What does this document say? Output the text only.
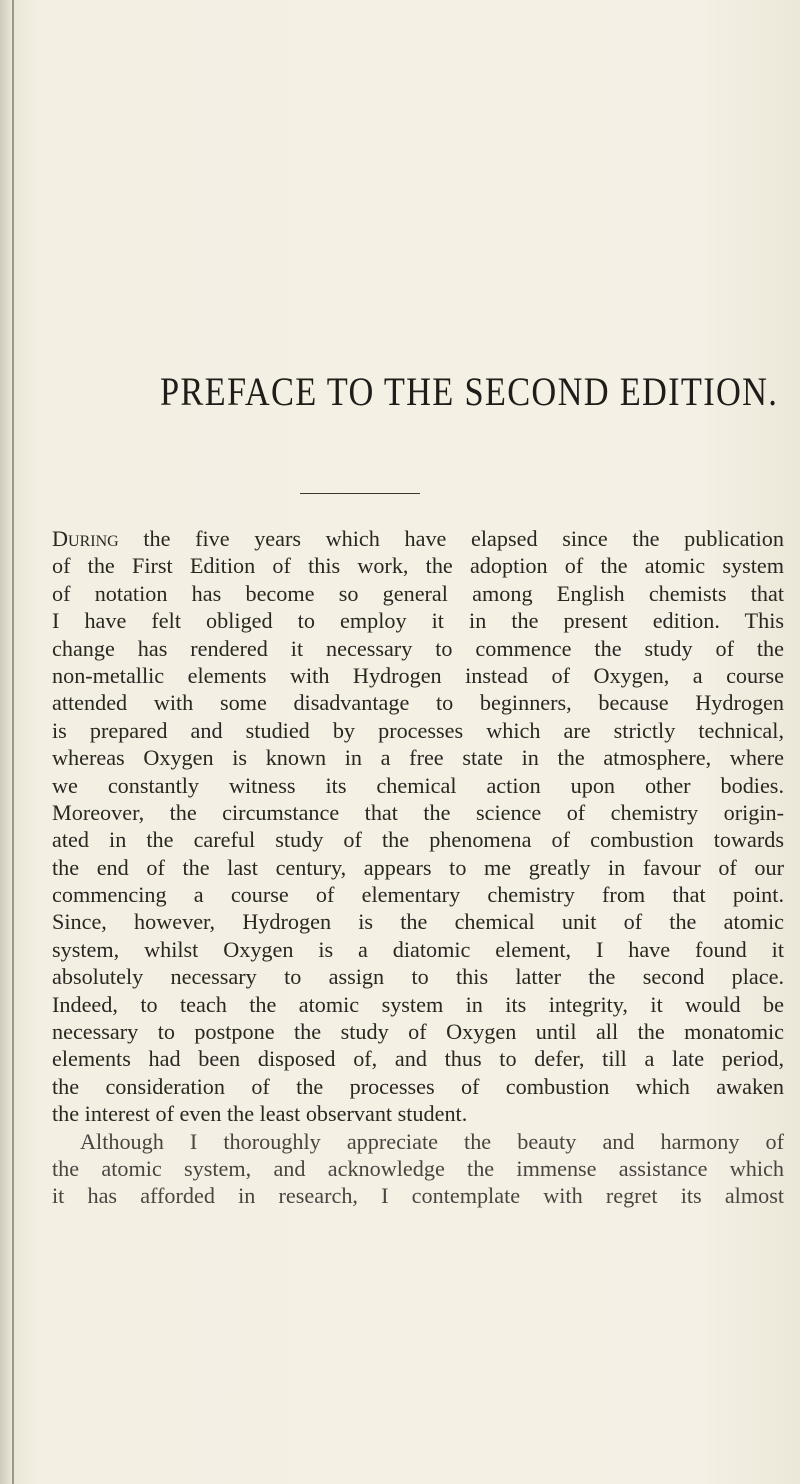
PREFACE TO THE SECOND EDITION.
During the five years which have elapsed since the publication
of the First Edition of this work, the adoption of the atomic system
of notation has become so general among English chemists that
I have felt obliged to employ it in the present edition. This
change has rendered it necessary to commence the study of the
non-metallic elements with Hydrogen instead of Oxygen, a course
attended with some disadvantage to beginners, because Hydrogen
is prepared and studied by processes which are strictly technical,
whereas Oxygen is known in a free state in the atmosphere, where
we constantly witness its chemical action upon other bodies.
Moreover, the circumstance that the science of chemistry origin-
ated in the careful study of the phenomena of combustion towards
the end of the last century, appears to me greatly in favour of our
commencing a course of elementary chemistry from that point.
Since, however, Hydrogen is the chemical unit of the atomic
system, whilst Oxygen is a diatomic element, I have found it
absolutely necessary to assign to this latter the second place.
Indeed, to teach the atomic system in its integrity, it would be
necessary to postpone the study of Oxygen until all the monatomic
elements had been disposed of, and thus to defer, till a late period,
the consideration of the processes of combustion which awaken
the interest of even the least observant student.
Although I thoroughly appreciate the beauty and harmony of
the atomic system, and acknowledge the immense assistance which
it has afforded in research, I contemplate with regret its almost
